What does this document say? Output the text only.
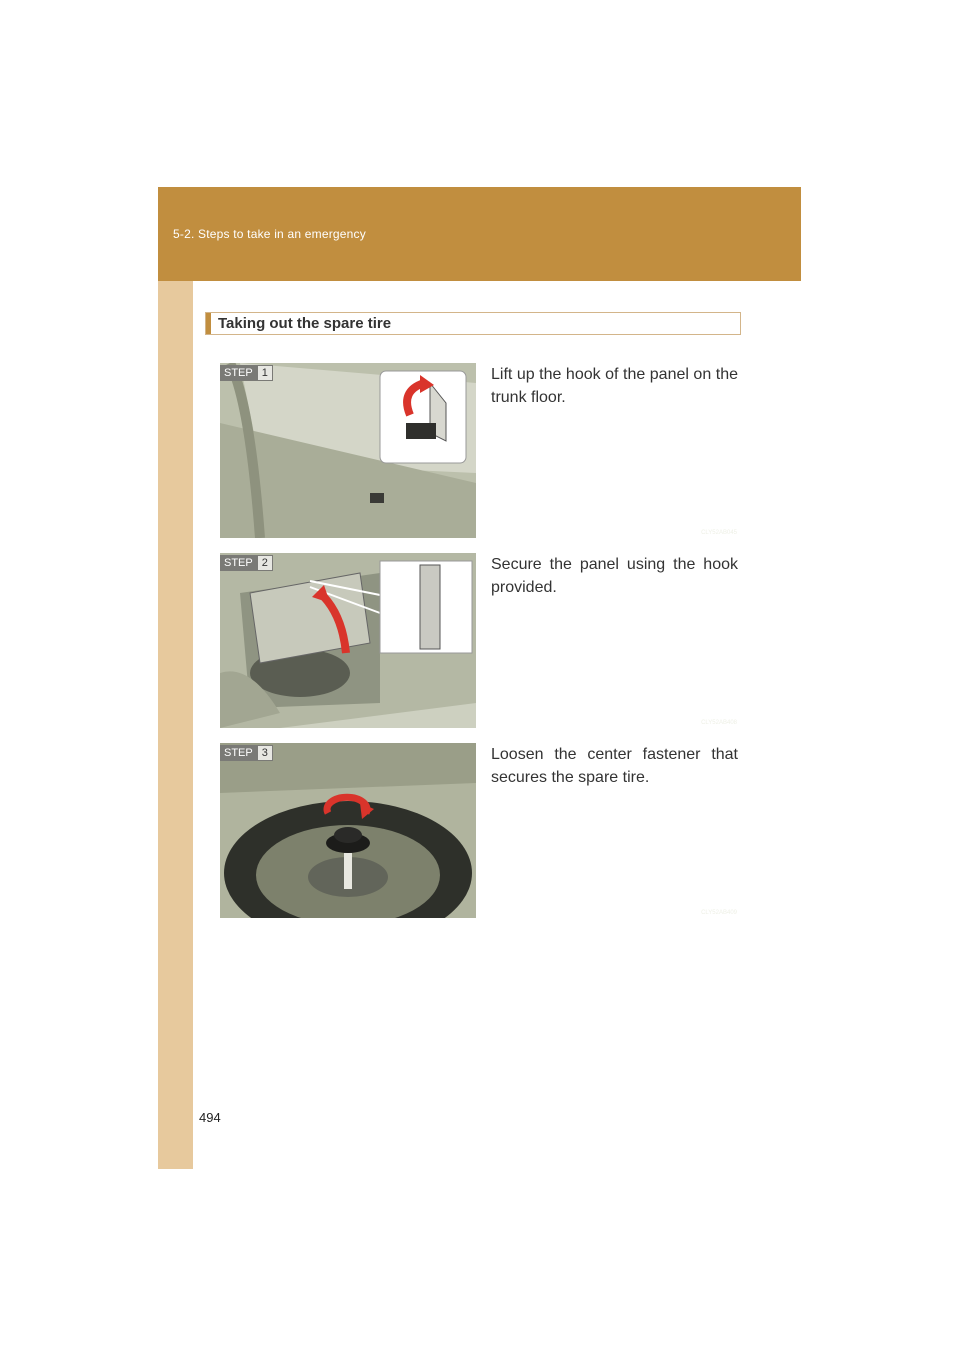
5-2. Steps to take in an emergency
494
Taking out the spare tire
STEP 1
CLY52AB045
Lift up the hook of the panel on the trunk floor.
STEP 2
CLY52AB408
Secure the panel using the hook provided.
STEP 3
CLY52AB409
Loosen the center fastener that secures the spare tire.
